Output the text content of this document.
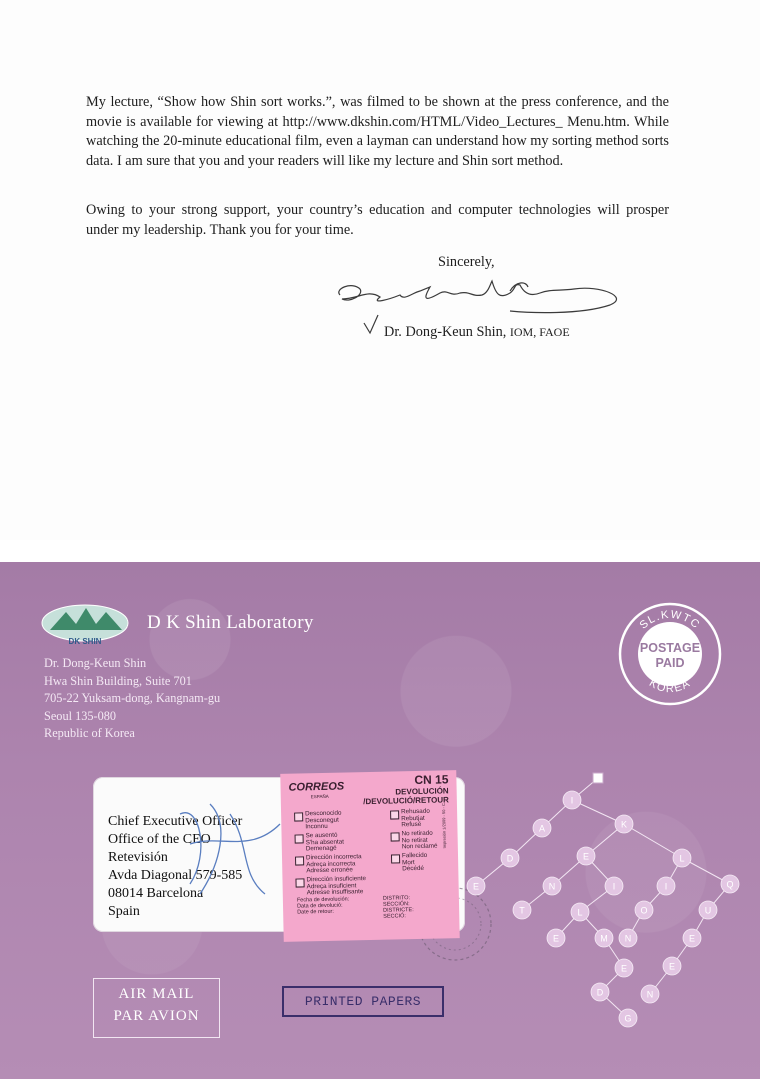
My lecture, “Show how Shin sort works.”, was filmed to be shown at the press conference, and the movie is available for viewing at http://www.dkshin.com/HTML/Video_Lectures_ Menu.htm. While watching the 20-minute educational film, even a layman can understand how my sorting method sorts data. I am sure that you and your readers will like my lecture and Shin sort method.

Owing to your strong support, your country’s education and computer technologies will prosper under my leadership. Thank you for your time.

Sincerely,
Dr. Dong-Keun Shin, IOM, FAOE
DK SHIN
D K Shin Laboratory
Dr. Dong-Keun Shin
Hwa Shin Building, Suite 701
705-22 Yuksam-dong, Kangnam-gu
Seoul 135-080
Republic of Korea
SL.KWTC
KOREA
POSTAGE
PAID
Chief Executive Officer
Office of the CEO
Retevisión
Avda Diagonal 579-585
08014 Barcelona
Spain
CORREOS
ESPAÑA
CN 15
DEVOLUCIÓN
/DEVOLUCIÓ/RETOUR
Desconocido
Desconegut
Inconnu
Se ausentó
S'ha absentat
Demenagé
Dirección incorrecta
Adreça incorrecta
Adresse erronée
Dirección insuficiente
Adreça insuficient
Adresse insuffisante
Rehusado
Rebutjat
Refusé
No retirado
No retirat
Non reclamé
Fallecido
Mort
Décédé
Fecha de devolución:
Data de devolució:
Date de retour:
DISTRITO:
SECCIÓN:
DISTRICTE:
SECCIÓ:
Impresión 1/2009 - 50 - C
AIR MAIL
PAR AVION
PRINTED PAPERS
I
A	K
D	E	L
E	N	I	I	Q
T	L	O	U
E	M N	E
E
E
D	N
G
